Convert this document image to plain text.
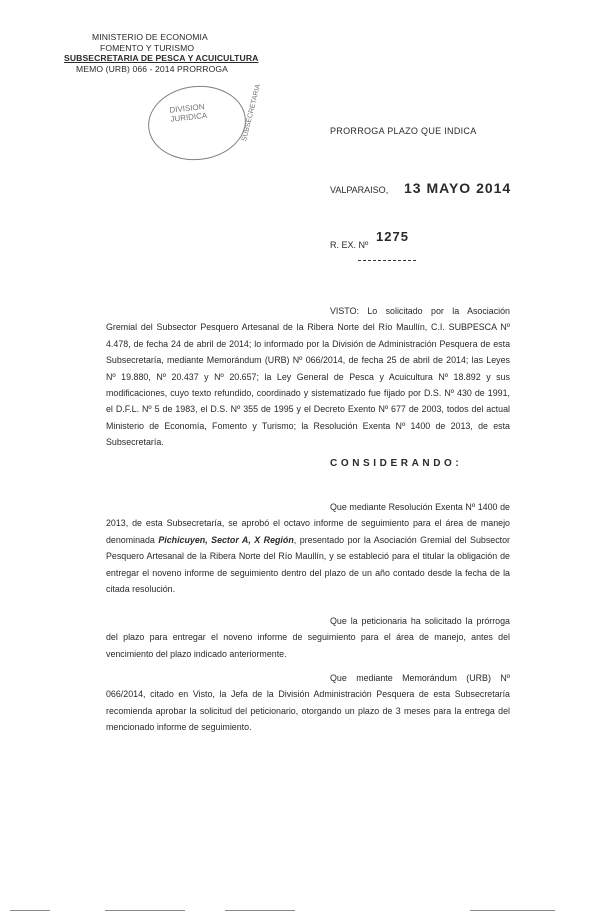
MINISTERIO DE ECONOMIA
FOMENTO Y TURISMO
SUBSECRETARIA DE PESCA Y ACUICULTURA
MEMO (URB) 066 - 2014 PRORROGA
DIVISION
JURIDICA	SUBSECRETARIA	PRORROGA PLAZO QUE INDICA
VALPARAISO, 13 MAYO 2014
R. EX. Nº
1275

VISTO: Lo solicitado por la Asociación Gremial del Subsector Pesquero Artesanal de la Ribera Norte del Río Maullín, C.I. SUBPESCA Nº 4.478, de fecha 24 de abril de 2014; lo informado por la División de Administración Pesquera de esta Subsecretaría, mediante Memorándum (URB) Nº 066/2014, de fecha 25 de abril de 2014; las Leyes Nº 19.880, Nº 20.437 y Nº 20.657; la Ley General de Pesca y Acuicultura Nº 18.892 y sus modificaciones, cuyo texto refundido, coordinado y sistematizado fue fijado por D.S. Nº 430 de 1991, el D.F.L. Nº 5 de 1983, el D.S. Nº 355 de 1995 y el Decreto Exento Nº 677 de 2003, todos del actual Ministerio de Economía, Fomento y Turismo; la Resolución Exenta Nº 1400 de 2013, de esta Subsecretaría.

CONSIDERANDO:

Que mediante Resolución Exenta Nº 1400 de 2013, de esta Subsecretaría, se aprobó el octavo informe de seguimiento para el área de manejo denominada Pichicuyen, Sector A, X Región, presentado por la Asociación Gremial del Subsector Pesquero Artesanal de la Ribera Norte del Río Maullín, y se estableció para el titular la obligación de entregar el noveno informe de seguimiento dentro del plazo de un año contado desde la fecha de la citada resolución.

Que la peticionaria ha solicitado la prórroga del plazo para entregar el noveno informe de seguimiento para el área de manejo, antes del vencimiento del plazo indicado anteriormente.

Que mediante Memorándum (URB) Nº 066/2014, citado en Visto, la Jefa de la División Administración Pesquera de esta Subsecretaría recomienda aprobar la solicitud del peticionario, otorgando un plazo de 3 meses para la entrega del mencionado informe de seguimiento.
